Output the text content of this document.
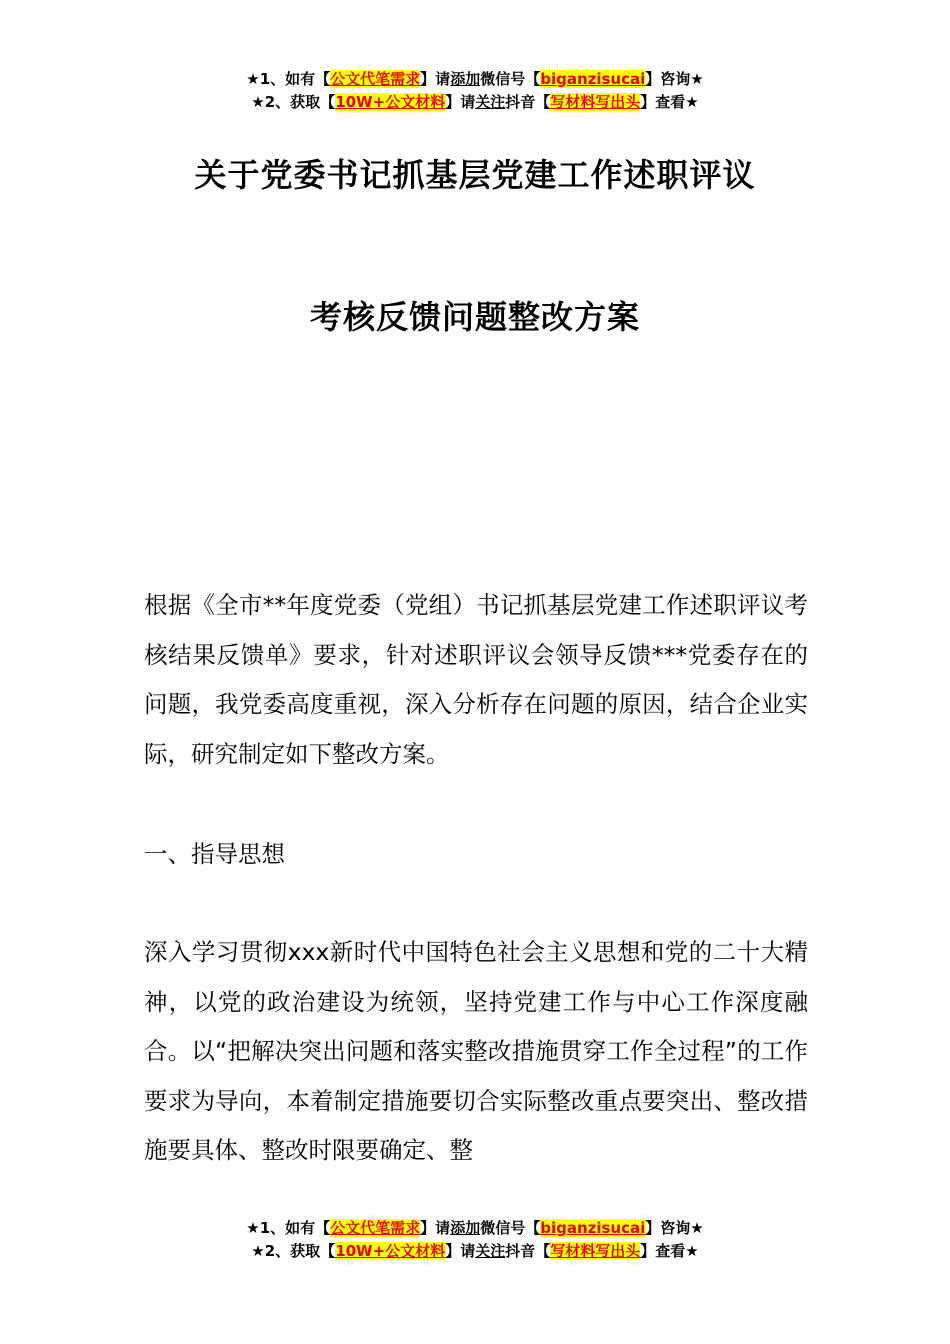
★1、如有【公文代笔需求】请添加微信号【biganzisucai】咨询★
★2、获取【10W+公文材料】请关注抖音【写材料写出头】查看★
关于党委书记抓基层党建工作述职评议
考核反馈问题整改方案
根据《全市**年度党委（党组）书记抓基层党建工作述职评议考核结果反馈单》要求，针对述职评议会领导反馈***党委存在的问题，我党委高度重视，深入分析存在问题的原因，结合企业实际，研究制定如下整改方案。
一、指导思想
深入学习贯彻xxx新时代中国特色社会主义思想和党的二十大精神，以党的政治建设为统领，坚持党建工作与中心工作深度融合。以“把解决突出问题和落实整改措施贯穿工作全过程”的工作要求为导向，本着制定措施要切合实际整改重点要突出、整改措施要具体、整改时限要确定、整
★1、如有【公文代笔需求】请添加微信号【biganzisucai】咨询★
★2、获取【10W+公文材料】请关注抖音【写材料写出头】查看★
